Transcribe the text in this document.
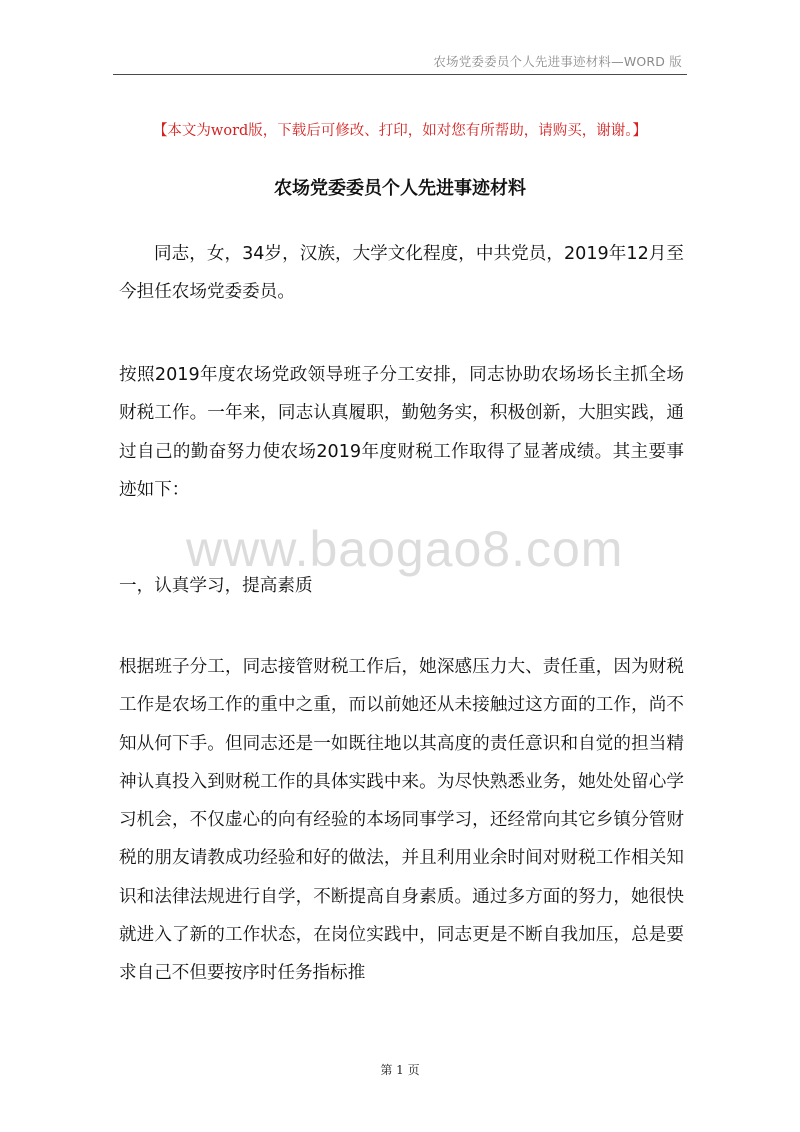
农场党委委员个人先进事迹材料—WORD 版
【本文为word版，下载后可修改、打印，如对您有所帮助，请购买，谢谢。】
农场党委委员个人先进事迹材料

同志，女，34岁，汉族，大学文化程度，中共党员，2019年12月至今担任农场党委委员。

按照2019年度农场党政领导班子分工安排，同志协助农场场长主抓全场财税工作。一年来，同志认真履职，勤勉务实，积极创新，大胆实践，通过自己的勤奋努力使农场2019年度财税工作取得了显著成绩。其主要事迹如下：

www.baogao8.com

一，认真学习，提高素质

根据班子分工，同志接管财税工作后，她深感压力大、责任重，因为财税工作是农场工作的重中之重，而以前她还从未接触过这方面的工作，尚不知从何下手。但同志还是一如既往地以其高度的责任意识和自觉的担当精神认真投入到财税工作的具体实践中来。为尽快熟悉业务，她处处留心学习机会，不仅虚心的向有经验的本场同事学习，还经常向其它乡镇分管财税的朋友请教成功经验和好的做法，并且利用业余时间对财税工作相关知识和法律法规进行自学，不断提高自身素质。通过多方面的努力，她很快就进入了新的工作状态，在岗位实践中，同志更是不断自我加压，总是要求自己不但要按序时任务指标推

第 1 页
